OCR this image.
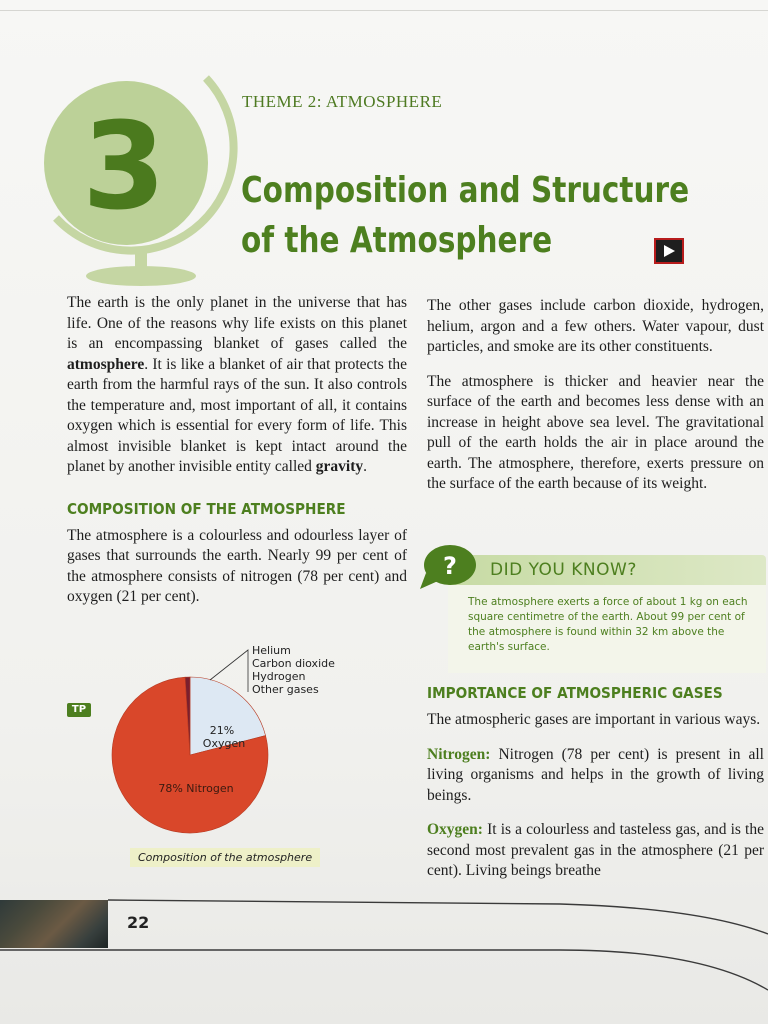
3	THEME 2: ATMOSPHERE
Composition and Structure
of the Atmosphere

The earth is the only planet in the universe that has life. One of the reasons why life exists on this planet is an encompassing blanket of gases called the atmosphere. It is like a blanket of air that protects the earth from the harmful rays of the sun. It also controls the temperature and, most important of all, it contains oxygen which is essential for every form of life. This almost invisible blanket is kept intact around the planet by another invisible entity called gravity.

COMPOSITION OF THE ATMOSPHERE

The atmosphere is a colourless and odourless layer of gases that surrounds the earth. Nearly 99 per cent of the atmosphere consists of nitrogen (78 per cent) and oxygen (21 per cent).

TP
Helium
Carbon dioxide
Hydrogen
Other gases
21%
Oxygen
78% Nitrogen
Composition of the atmosphere

The other gases include carbon dioxide, hydrogen, helium, argon and a few others. Water vapour, dust particles, and smoke are its other constituents.

The atmosphere is thicker and heavier near the surface of the earth and becomes less dense with an increase in height above sea level. The gravitational pull of the earth holds the air in place around the earth. The atmosphere, therefore, exerts pressure on the surface of the earth because of its weight.

? DID YOU KNOW?
The atmosphere exerts a force of about 1 kg on each square centimetre of the earth. About 99 per cent of the atmosphere is found within 32 km above the earth's surface.
IMPORTANCE OF ATMOSPHERIC GASES

The atmospheric gases are important in various ways.

Nitrogen: Nitrogen (78 per cent) is present in all living organisms and helps in the growth of living beings.

Oxygen: It is a colourless and tasteless gas, and is the second most prevalent gas in the atmosphere (21 per cent). Living beings breathe

22
